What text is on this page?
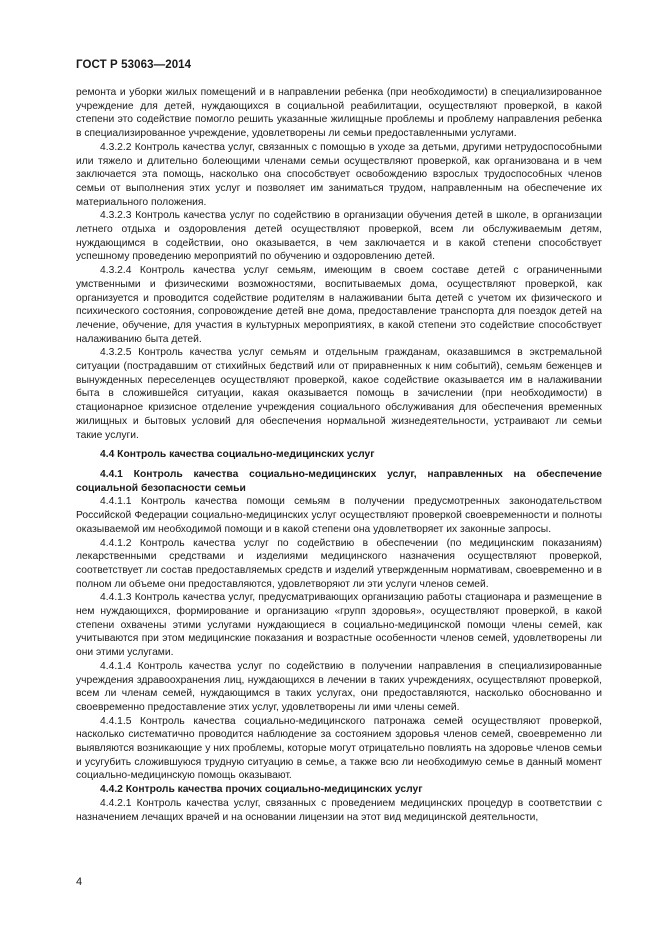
ГОСТ Р 53063—2014

ремонта и уборки жилых помещений и в направлении ребенка (при необходимости) в специализированное учреждение для детей, нуждающихся в социальной реабилитации, осуществляют проверкой, в какой степени это содействие помогло решить указанные жилищные проблемы и проблему направления ребенка в специализированное учреждение, удовлетворены ли семьи предоставленными услугами.

4.3.2.2 Контроль качества услуг, связанных с помощью в уходе за детьми, другими нетрудоспособными или тяжело и длительно болеющими членами семьи осуществляют проверкой, как организована и в чем заключается эта помощь, насколько она способствует освобождению взрослых трудоспособных членов семьи от выполнения этих услуг и позволяет им заниматься трудом, направленным на обеспечение их материального положения.

4.3.2.3 Контроль качества услуг по содействию в организации обучения детей в школе, в организации летнего отдыха и оздоровления детей осуществляют проверкой, всем ли обслуживаемым детям, нуждающимся в содействии, оно оказывается, в чем заключается и в какой степени способствует успешному проведению мероприятий по обучению и оздоровлению детей.

4.3.2.4 Контроль качества услуг семьям, имеющим в своем составе детей с ограниченными умственными и физическими возможностями, воспитываемых дома, осуществляют проверкой, как организуется и проводится содействие родителям в налаживании быта детей с учетом их физического и психического состояния, сопровождение детей вне дома, предоставление транспорта для поездок детей на лечение, обучение, для участия в культурных мероприятиях, в какой степени это содействие способствует налаживанию быта детей.

4.3.2.5 Контроль качества услуг семьям и отдельным гражданам, оказавшимся в экстремальной ситуации (пострадавшим от стихийных бедствий или от приравненных к ним событий), семьям беженцев и вынужденных переселенцев осуществляют проверкой, какое содействие оказывается им в налаживании быта в сложившейся ситуации, какая оказывается помощь в зачислении (при необходимости) в стационарное кризисное отделение учреждения социального обслуживания для обеспечения временных жилищных и бытовых условий для обеспечения нормальной жизнедеятельности, устраивают ли семьи такие услуги.

4.4 Контроль качества социально-медицинских услуг

4.4.1 Контроль качества социально-медицинских услуг, направленных на обеспечение социальной безопасности семьи

4.4.1.1 Контроль качества помощи семьям в получении предусмотренных законодательством Российской Федерации социально-медицинских услуг осуществляют проверкой своевременности и полноты оказываемой им необходимой помощи и в какой степени она удовлетворяет их законные запросы.

4.4.1.2 Контроль качества услуг по содействию в обеспечении (по медицинским показаниям) лекарственными средствами и изделиями медицинского назначения осуществляют проверкой, соответствует ли состав предоставляемых средств и изделий утвержденным нормативам, своевременно и в полном ли объеме они предоставляются, удовлетворяют ли эти услуги членов семей.

4.4.1.3 Контроль качества услуг, предусматривающих организацию работы стационара и размещение в нем нуждающихся, формирование и организацию «групп здоровья», осуществляют проверкой, в какой степени охвачены этими услугами нуждающиеся в социально-медицинской помощи члены семей, как учитываются при этом медицинские показания и возрастные особенности членов семей, удовлетворены ли они этими услугами.

4.4.1.4 Контроль качества услуг по содействию в получении направления в специализированные учреждения здравоохранения лиц, нуждающихся в лечении в таких учреждениях, осуществляют проверкой, всем ли членам семей, нуждающимся в таких услугах, они предоставляются, насколько обоснованно и своевременно предоставление этих услуг, удовлетворены ли ими члены семей.

4.4.1.5 Контроль качества социально-медицинского патронажа семей осуществляют проверкой, насколько систематично проводится наблюдение за состоянием здоровья членов семей, своевременно ли выявляются возникающие у них проблемы, которые могут отрицательно повлиять на здоровье членов семьи и усугубить сложившуюся трудную ситуацию в семье, а также всю ли необходимую семье в данный момент социально-медицинскую помощь оказывают.

4.4.2 Контроль качества прочих социально-медицинских услуг

4.4.2.1 Контроль качества услуг, связанных с проведением медицинских процедур в соответствии с назначением лечащих врачей и на основании лицензии на этот вид медицинской деятельности,

4
